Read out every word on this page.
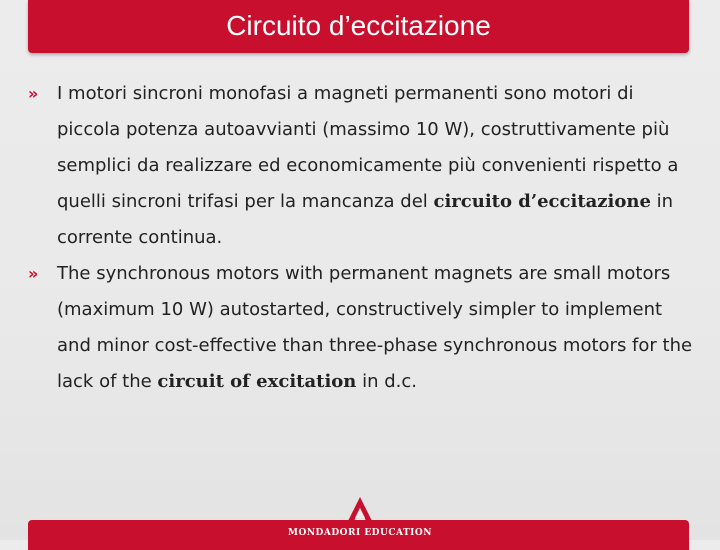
Circuito d’eccitazione
» I motori sincroni monofasi a magneti permanenti sono motori di piccola potenza autoavvianti (massimo 10 W), costruttivamente più semplici da realizzare ed economicamente più convenienti rispetto a quelli sincroni trifasi per la mancanza del circuito d’eccitazione in corrente continua.
» The synchronous motors with permanent magnets are small motors (maximum 10 W) autostarted, constructively simpler to implement and minor cost-effective than three-phase synchronous motors for the lack of the circuit of excitation in d.c.
MONDADORI EDUCATION
